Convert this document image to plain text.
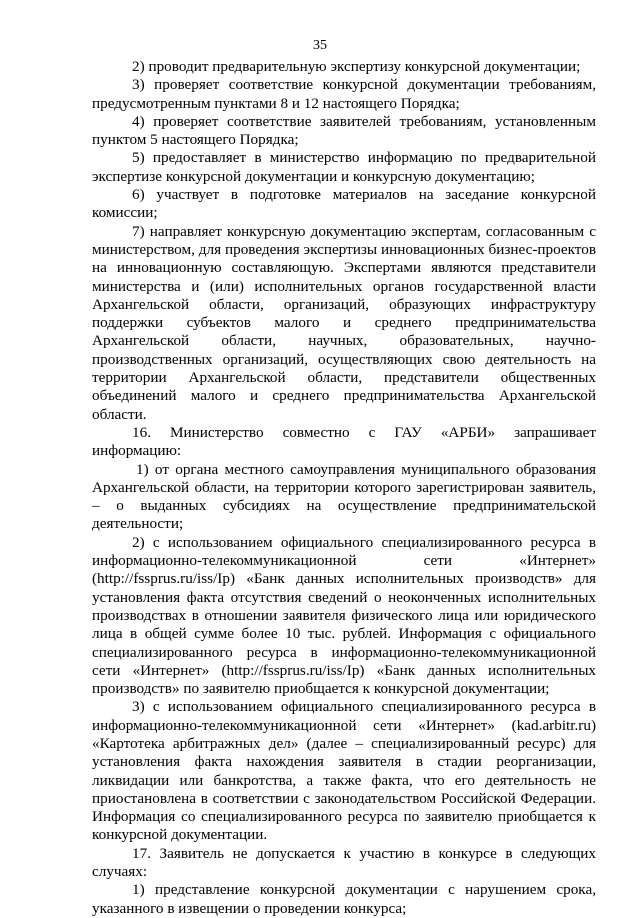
35

2) проводит предварительную экспертизу конкурсной документации;

3) проверяет соответствие конкурсной документации требованиям, предусмотренным пунктами 8 и 12 настоящего Порядка;

4) проверяет соответствие заявителей требованиям, установленным пунктом 5 настоящего Порядка;

5) предоставляет в министерство информацию по предварительной экспертизе конкурсной документации и конкурсную документацию;

6) участвует в подготовке материалов на заседание конкурсной комиссии;

7) направляет конкурсную документацию экспертам, согласованным с министерством, для проведения экспертизы инновационных бизнес-проектов на инновационную составляющую. Экспертами являются представители министерства и (или) исполнительных органов государственной власти Архангельской области, организаций, образующих инфраструктуру поддержки субъектов малого и среднего предпринимательства Архангельской области, научных, образовательных, научно-производственных организаций, осуществляющих свою деятельность на территории Архангельской области, представители общественных объединений малого и среднего предпринимательства Архангельской области.

16. Министерство совместно с ГАУ «АРБИ» запрашивает информацию:

1) от органа местного самоуправления муниципального образования Архангельской области, на территории которого зарегистрирован заявитель, – о выданных субсидиях на осуществление предпринимательской деятельности;

2) с использованием официального специализированного ресурса в информационно-телекоммуникационной сети «Интернет» (http://fssprus.ru/iss/Ip) «Банк данных исполнительных производств» для установления факта отсутствия сведений о неоконченных исполнительных производствах в отношении заявителя физического лица или юридического лица в общей сумме более 10 тыс. рублей. Информация с официального специализированного ресурса в информационно-телекоммуникационной сети «Интернет» (http://fssprus.ru/iss/Ip) «Банк данных исполнительных производств» по заявителю приобщается к конкурсной документации;

3) с использованием официального специализированного ресурса в информационно-телекоммуникационной сети «Интернет» (kad.arbitr.ru) «Картотека арбитражных дел» (далее – специализированный ресурс) для установления факта нахождения заявителя в стадии реорганизации, ликвидации или банкротства, а также факта, что его деятельность не приостановлена в соответствии с законодательством Российской Федерации. Информация со специализированного ресурса по заявителю приобщается к конкурсной документации.

17. Заявитель не допускается к участию в конкурсе в следующих случаях:

1) представление конкурсной документации с нарушением срока, указанного в извещении о проведении конкурса;
